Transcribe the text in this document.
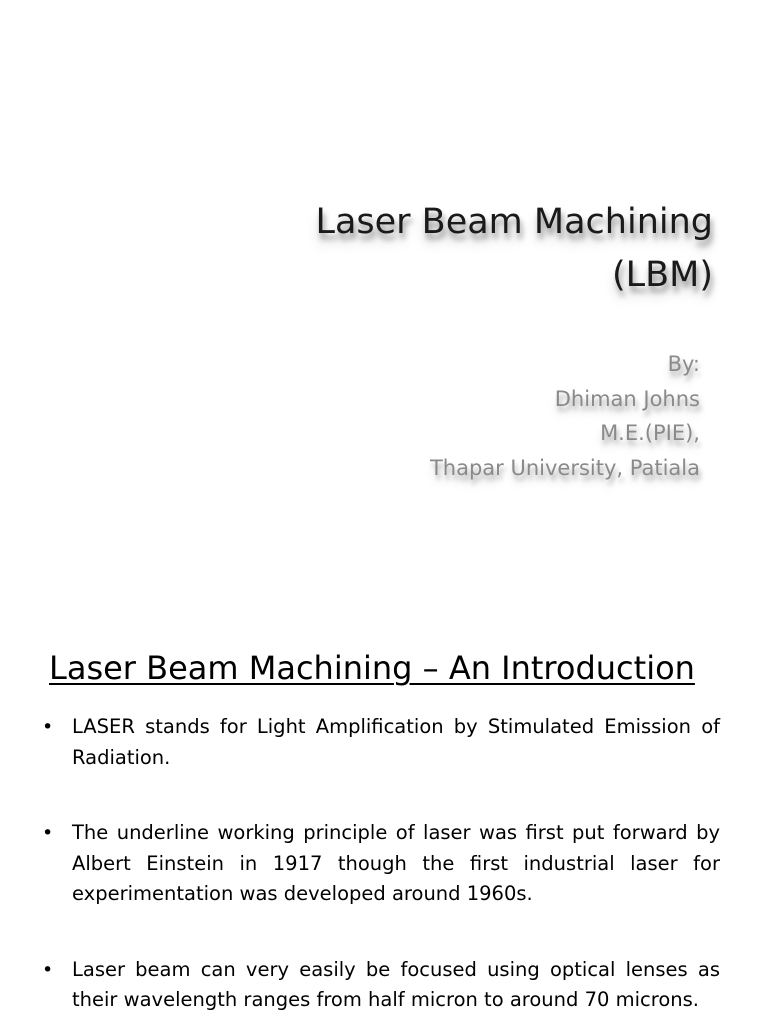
Laser Beam Machining
(LBM)
By:
Dhiman Johns
M.E.(PIE),
Thapar University, Patiala
Laser Beam Machining – An Introduction
• LASER stands for Light Amplification by Stimulated Emission of Radiation.
• The underline working principle of laser was first put forward by Albert Einstein in 1917 though the first industrial laser for experimentation was developed around 1960s.
• Laser beam can very easily be focused using optical lenses as their wavelength ranges from half micron to around 70 microns.
